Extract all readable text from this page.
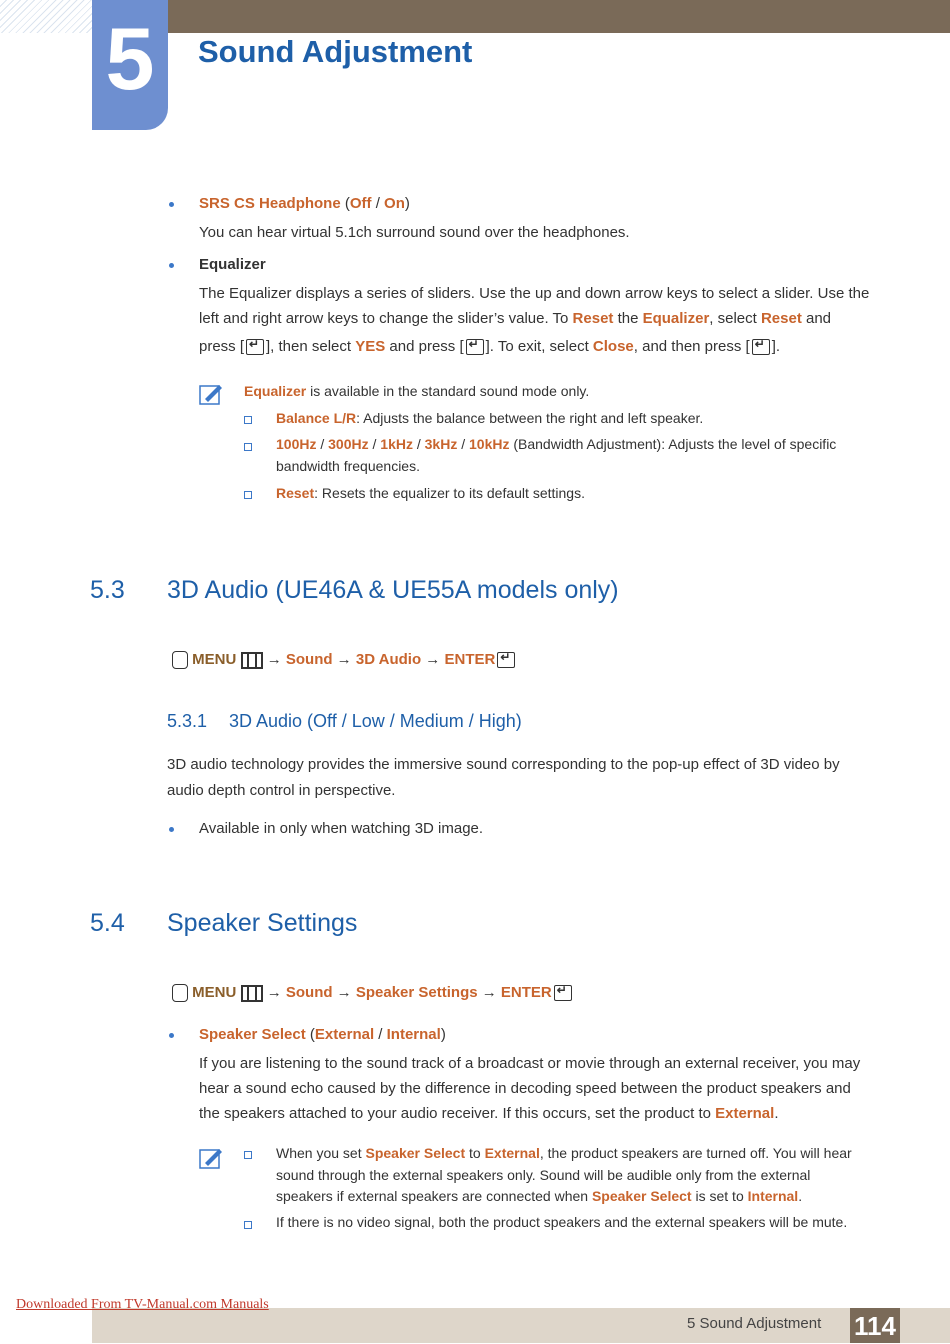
5	Sound Adjustment
SRS CS Headphone (Off / On)
You can hear virtual 5.1ch surround sound over the headphones.
Equalizer
The Equalizer displays a series of sliders. Use the up and down arrow keys to select a slider. Use the
left and right arrow keys to change the slider’s value. To Reset the Equalizer, select Reset and
press [ ↵ ], then select YES and press [ ↵ ]. To exit, select Close, and then press [ ↵ ].
Equalizer is available in the standard sound mode only.
Balance L/R: Adjusts the balance between the right and left speaker.
100Hz / 300Hz / 1kHz / 3kHz / 10kHz (Bandwidth Adjustment): Adjusts the level of specific
bandwidth frequencies.
Reset: Resets the equalizer to its default settings.
5.3 3D Audio (UE46A & UE55A models only)
MENU  → Sound → 3D Audio → ENTER↵
5.3.1 3D Audio (Off / Low / Medium / High)
3D audio technology provides the immersive sound corresponding to the pop-up effect of 3D video by
audio depth control in perspective.
Available in only when watching 3D image.
5.4 Speaker Settings
MENU  → Sound → Speaker Settings → ENTER↵
Speaker Select (External / Internal)
If you are listening to the sound track of a broadcast or movie through an external receiver, you may
hear a sound echo caused by the difference in decoding speed between the product speakers and
the speakers attached to your audio receiver. If this occurs, set the product to External.
When you set Speaker Select to External, the product speakers are turned off. You will hear
sound through the external speakers only. Sound will be audible only from the external
speakers if external speakers are connected when Speaker Select is set to Internal.
If there is no video signal, both the product speakers and the external speakers will be mute.
5 Sound Adjustment 114
Downloaded From TV-Manual.com Manuals
